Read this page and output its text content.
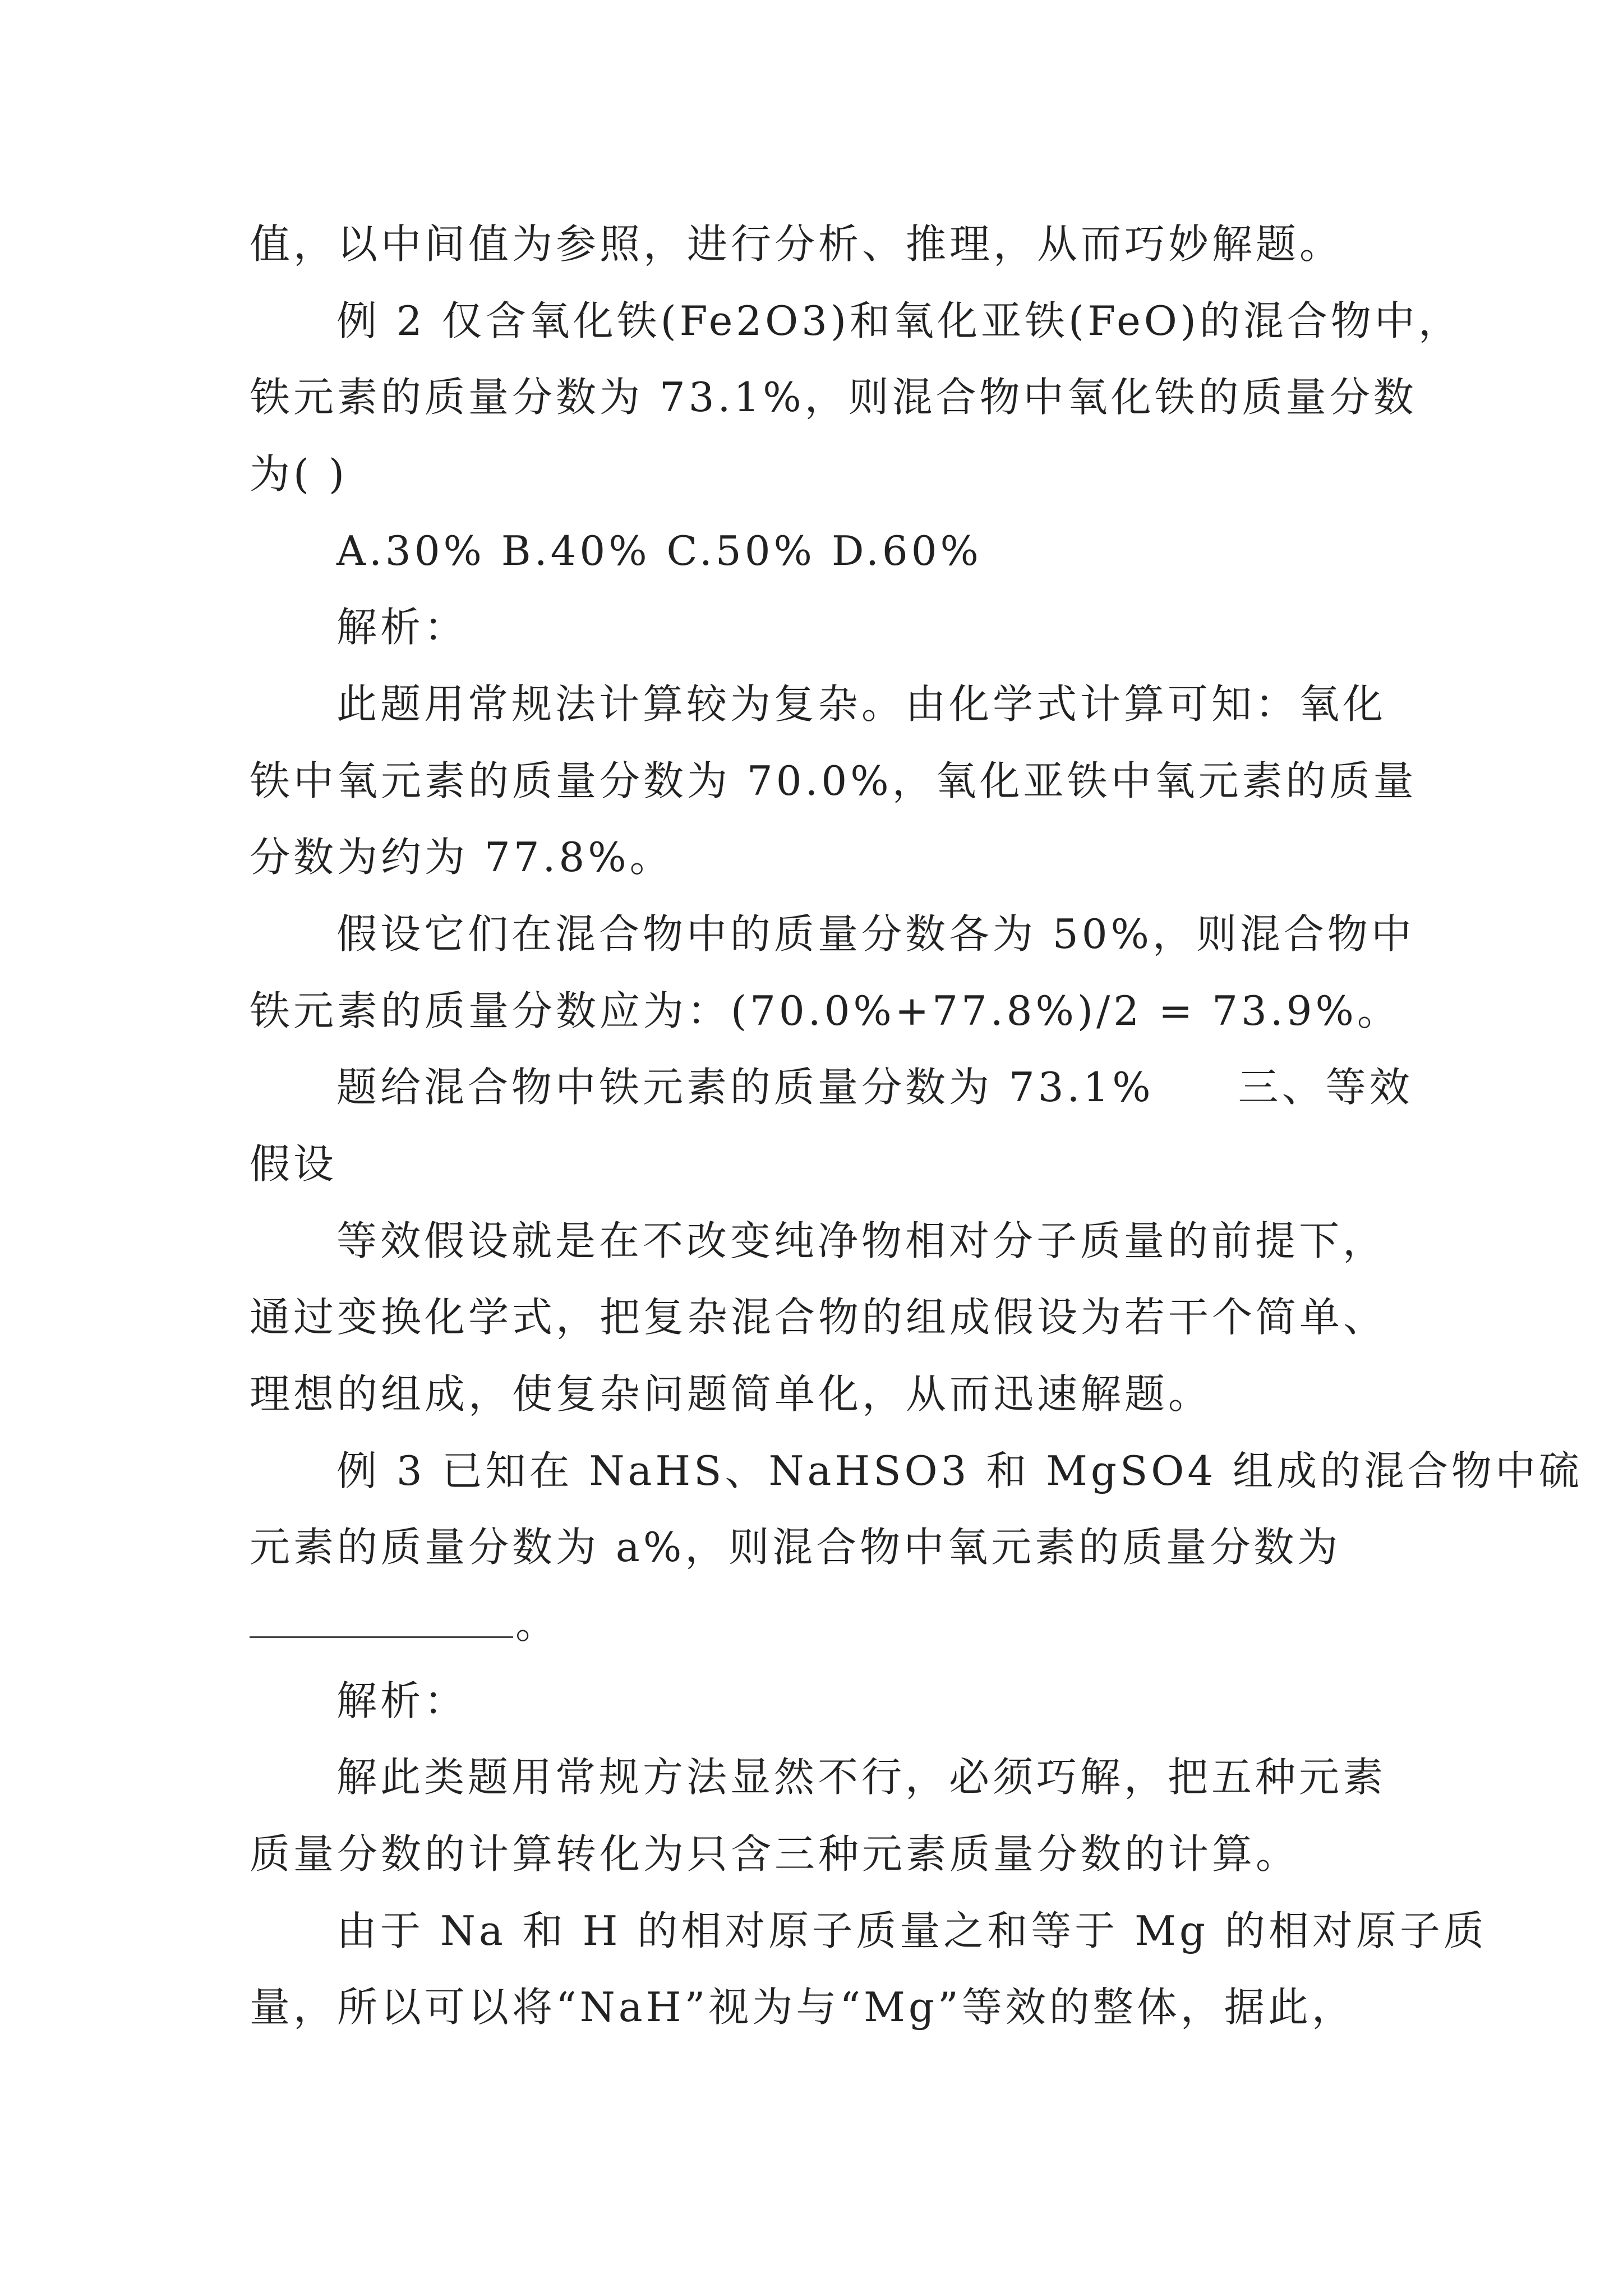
值，以中间值为参照，进行分析、推理，从而巧妙解题。
例 2 仅含氧化铁(Fe2O3)和氧化亚铁(FeO)的混合物中，
铁元素的质量分数为 73.1%，则混合物中氧化铁的质量分数
为( )
A.30% B.40% C.50% D.60%
解析：
此题用常规法计算较为复杂。由化学式计算可知：氧化
铁中氧元素的质量分数为 70.0%，氧化亚铁中氧元素的质量
分数为约为 77.8%。
假设它们在混合物中的质量分数各为 50%，则混合物中
铁元素的质量分数应为：(70.0%+77.8%)/2 = 73.9%。
题给混合物中铁元素的质量分数为 73.1% 三、等效
假设
等效假设就是在不改变纯净物相对分子质量的前提下，
通过变换化学式，把复杂混合物的组成假设为若干个简单、
理想的组成，使复杂问题简单化，从而迅速解题。
例 3 已知在 NaHS、NaHSO3 和 MgSO4 组成的混合物中硫
元素的质量分数为 a%，则混合物中氧元素的质量分数为
。
解析：
解此类题用常规方法显然不行，必须巧解，把五种元素
质量分数的计算转化为只含三种元素质量分数的计算。
由于 Na 和 H 的相对原子质量之和等于 Mg 的相对原子质
量，所以可以将“NaH”视为与“Mg”等效的整体，据此，
